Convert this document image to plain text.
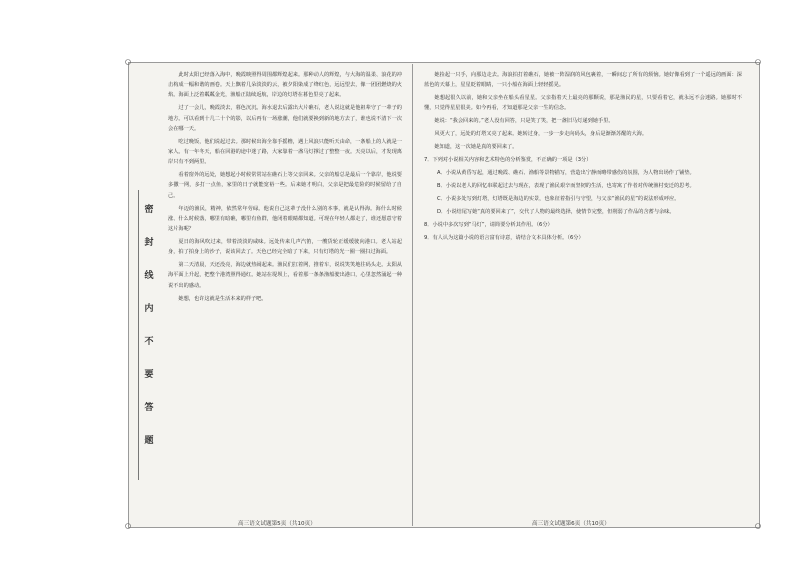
密
封
线
内
不
要
答
题

此时太阳已经落入海中，晚霞映照得周围都辉煌起来。那种动人的辉煌，与大海的温柔、浪花的冲击构成一幅和谐的画卷。天上飘着几朵淡淡的云，被夕阳染成了绛红色，远远望去，像一团团燃烧的火焰。海面上泛着粼粼金光，渔船正陆续返航，岸边的灯塔在暮色里亮了起来。

过了一会儿，晚霞淡去，暮色沉沉。海水退去后露出大片礁石，老人说这就是他祖辈守了一辈子的地方。可以看到十几二十个的影，以后再有一场涨潮，他们就要换到新的地方去了，谁也说不清下一次会在哪一天。

吃过晚饭，他们说起过去。那时候出海全靠手摇橹，遇上风浪只能听天由命，一条船上的人就是一家人。有一年冬天，船在回港的途中迷了路，大家靠着一盏马灯撑过了整整一夜。天亮以后，才发现离岸只有不到两里。

看着窗外的远处，她想起小时候常常站在礁石上等父亲回来。父亲的船总是最后一个靠岸，他说要多撒一网，多打一点鱼，家里的日子就能宽裕一些。后来她才明白，父亲是把最危险的时候留给了自己。

年迈的渔民，精神，依然常年劳碌。他说自己这辈子没什么别的本事，就是认得海。海什么时候涨、什么时候落，哪里有暗礁，哪里有鱼群，他闭着眼睛都知道。可现在年轻人都走了，谁还愿意守着这片海呢？

夏日的海风吹过来，带着淡淡的咸味。远处传来几声汽笛，一艘货轮正缓缓驶向港口。老人站起身，拍了拍身上的沙子，说该回去了。天色已经完全暗了下来，只有灯塔的光一圈一圈扫过海面。

第二天清晨，天还没亮，海边就热闹起来。渔民们扛着网，推着车，说说笑笑地往码头走。太阳从海平面上升起，把整个港湾照得通红。她站在堤坝上，看着那一条条渔船驶出港口，心里忽然涌起一种说不出的感动。

她想，也许这就是生活本来的样子吧。

她捡起一只手，向那边走去。海浪拍打着礁石，她被一阵湿润的风包裹着，一瞬间忘了所有的烦恼。她好像看到了一个遥远的画面：深蓝色的天幕上，星星眨着眼睛，一只小船在海面上轻轻摇晃。

她想起很久以前，她和父亲坐在船头看星星。父亲指着天上最亮的那颗说，那是渔民的星，只要看着它，就永远不会迷路。她那时不懂，只觉得星星很美。如今再看，才知道那是父亲一生的信念。

她说：“我会回来的。”老人没有回答，只是笑了笑，把一盏旧马灯递到她手里。

风更大了，远处的灯塔又亮了起来。她转过身，一步一步走向码头，身后是渐渐苏醒的大海。

她知道，这一次她是真的要回来了。

7．下列对小说相关内容和艺术特色的分析鉴赏，不正确的一项是（3分）

A．小说从黄昏写起，通过晚霞、礁石、渔船等景物描写，营造出宁静而略带感伤的氛围，为人物出场作了铺垫。

B．小说以老人的回忆串联起过去与现在，表现了渔民艰辛而坚韧的生活，也寄寓了作者对传统渔村变迁的思考。

C．小说多处写到灯塔，灯塔既是海边的实景，也象征着指引与守望，与父亲“渔民的星”的说法形成呼应。

D．小说结尾写她“真的要回来了”，交代了人物的最终选择，使情节完整，但削弱了作品的含蓄与余味。

8．小说中多次写到“马灯”，请简要分析其作用。（6分）

9．有人认为这篇小说的语言富有诗意，请结合文本具体分析。（6分）

高三语文试题第5页（共10页）	高三语文试题第6页（共10页）
